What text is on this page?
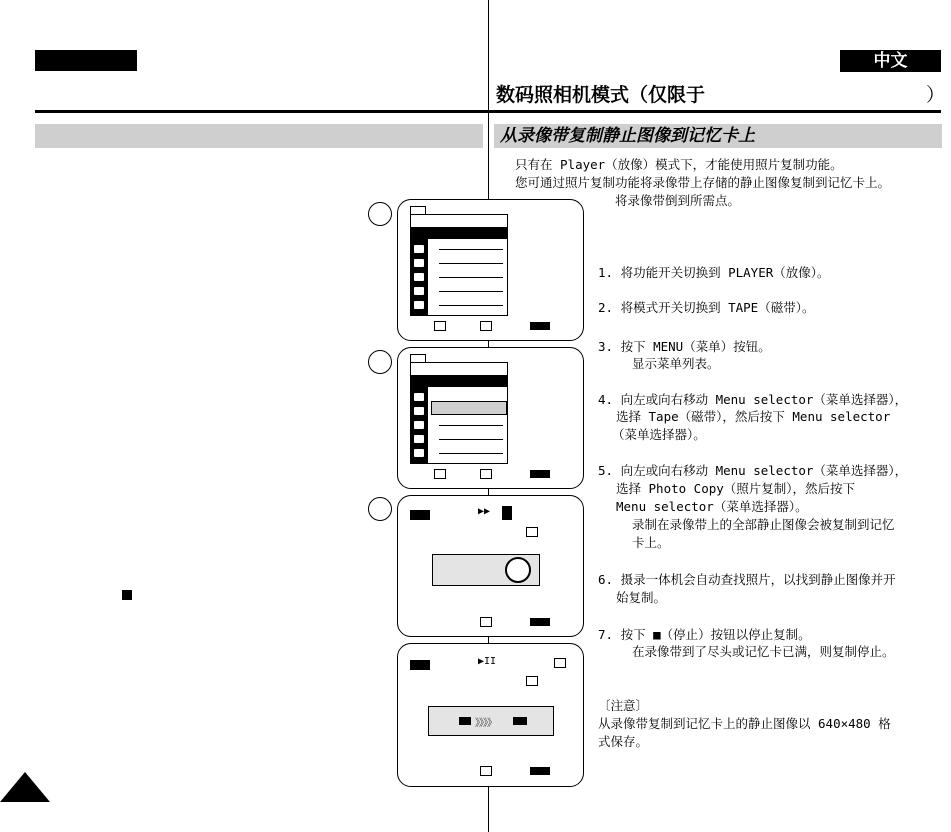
中文
数码照相机模式（仅限于	）
从录像带复制静止图像到记忆卡上
只有在 Player（放像）模式下，才能使用照片复制功能。
您可通过照片复制功能将录像带上存储的静止图像复制到记忆卡上。
将录像带倒到所需点。
1. 将功能开关切换到 PLAYER（放像）。
2. 将模式开关切换到 TAPE（磁带）。
3. 按下 MENU（菜单）按钮。
显示菜单列表。
4. 向左或向右移动 Menu selector（菜单选择器），
选择 Tape（磁带），然后按下 Menu selector
（菜单选择器）。
5. 向左或向右移动 Menu selector（菜单选择器），
选择 Photo Copy（照片复制），然后按下
Menu selector（菜单选择器）。
录制在录像带上的全部静止图像会被复制到记忆
卡上。
6. 摄录一体机会自动查找照片，以找到静止图像并开
始复制。
7. 按下 ■（停止）按钮以停止复制。
在录像带到了尽头或记忆卡已满，则复制停止。
〔注意〕
从录像带复制到记忆卡上的静止图像以 640×480 格
式保存。
▶▶
▶II
》》》》
